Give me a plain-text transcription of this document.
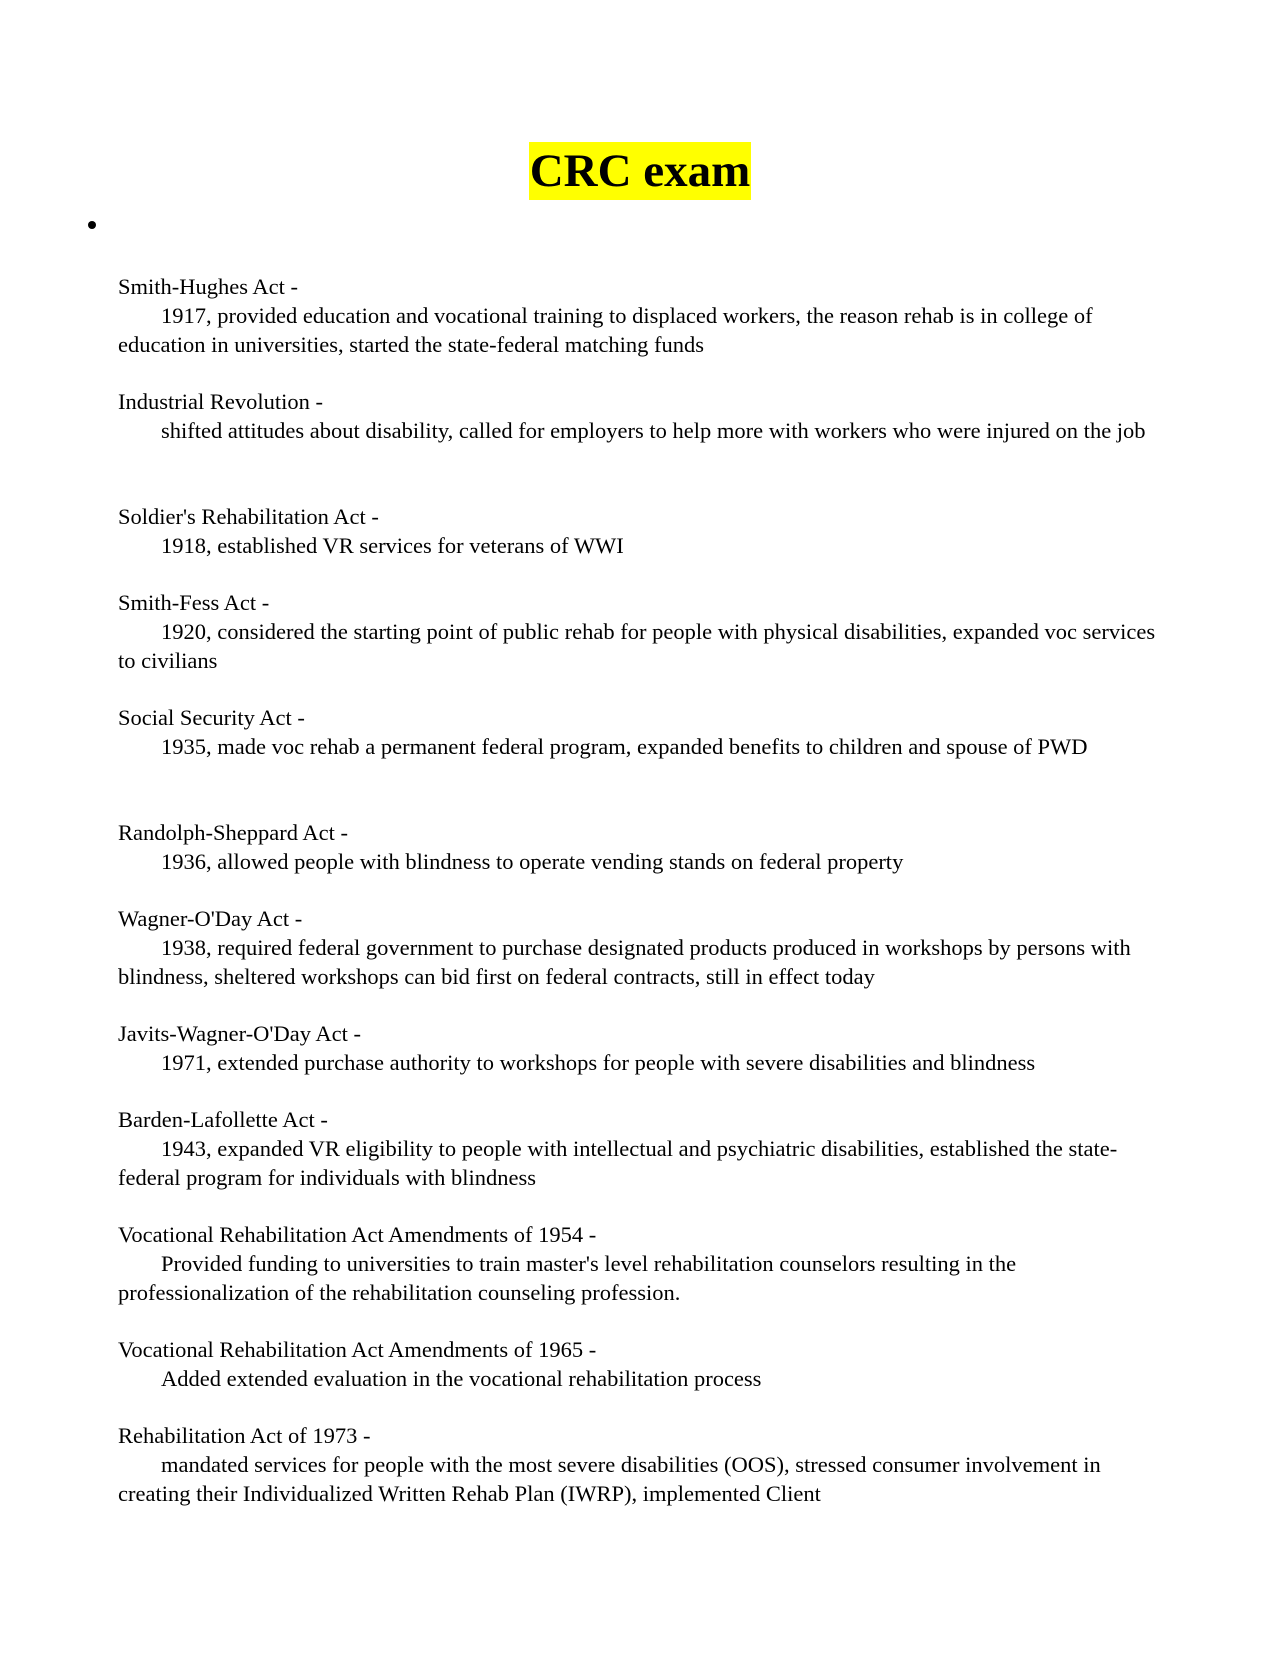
CRC exam
Smith-Hughes Act -
1917, provided education and vocational training to displaced workers, the reason rehab is in college of education in universities, started the state-federal matching funds
Industrial Revolution -
shifted attitudes about disability, called for employers to help more with workers who were injured on the job
Soldier's Rehabilitation Act -
1918, established VR services for veterans of WWI
Smith-Fess Act -
1920, considered the starting point of public rehab for people with physical disabilities, expanded voc services to civilians
Social Security Act -
1935, made voc rehab a permanent federal program, expanded benefits to children and spouse of PWD
Randolph-Sheppard Act -
1936, allowed people with blindness to operate vending stands on federal property
Wagner-O'Day Act -
1938, required federal government to purchase designated products produced in workshops by persons with blindness, sheltered workshops can bid first on federal contracts, still in effect today
Javits-Wagner-O'Day Act -
1971, extended purchase authority to workshops for people with severe disabilities and blindness
Barden-Lafollette Act -
1943, expanded VR eligibility to people with intellectual and psychiatric disabilities, established the state-federal program for individuals with blindness
Vocational Rehabilitation Act Amendments of 1954 -
Provided funding to universities to train master's level rehabilitation counselors resulting in the professionalization of the rehabilitation counseling profession.
Vocational Rehabilitation Act Amendments of 1965 -
Added extended evaluation in the vocational rehabilitation process
Rehabilitation Act of 1973 -
mandated services for people with the most severe disabilities (OOS), stressed consumer involvement in creating their Individualized Written Rehab Plan (IWRP), implemented Client
